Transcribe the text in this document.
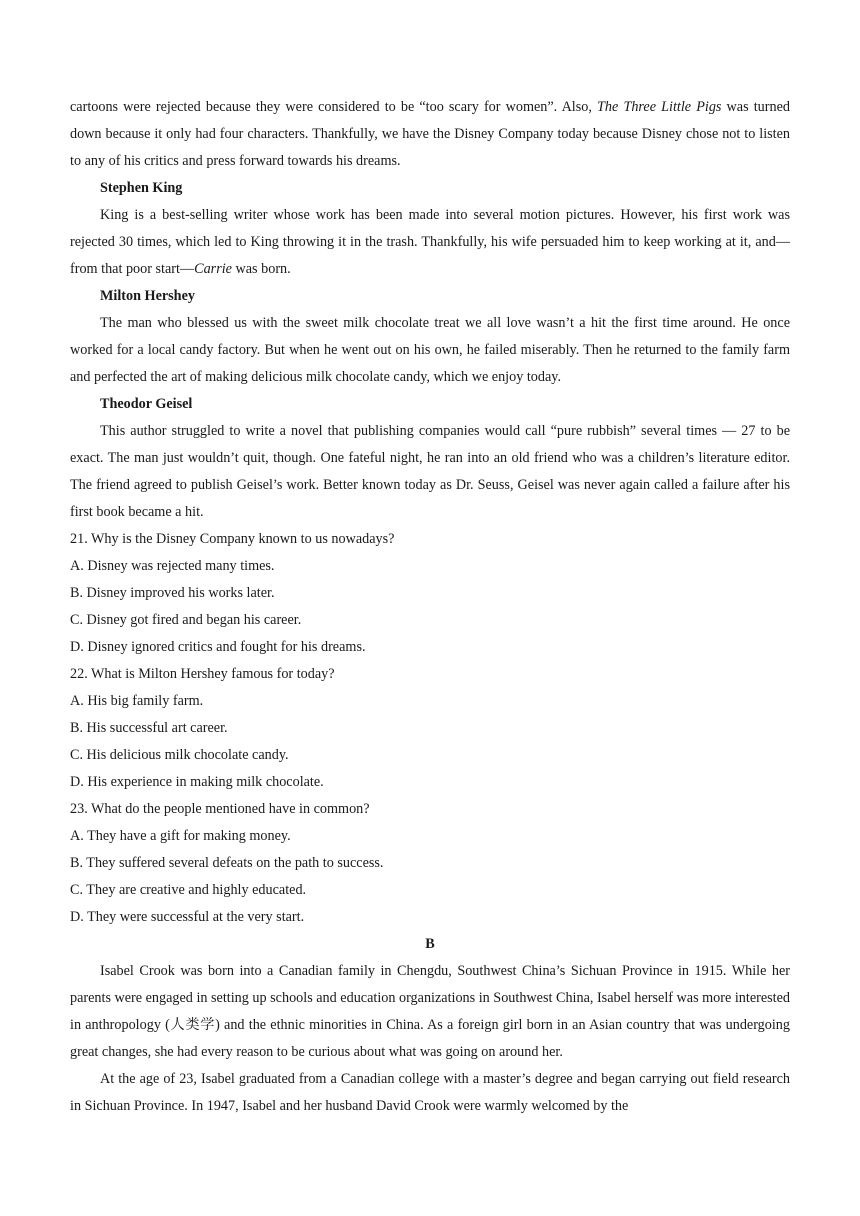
cartoons were rejected because they were considered to be “too scary for women”. Also, The Three Little Pigs was turned down because it only had four characters. Thankfully, we have the Disney Company today because Disney chose not to listen to any of his critics and press forward towards his dreams.

Stephen King

King is a best-selling writer whose work has been made into several motion pictures. However, his first work was rejected 30 times, which led to King throwing it in the trash. Thankfully, his wife persuaded him to keep working at it, and—from that poor start—Carrie was born.

Milton Hershey

The man who blessed us with the sweet milk chocolate treat we all love wasn’t a hit the first time around. He once worked for a local candy factory. But when he went out on his own, he failed miserably. Then he returned to the family farm and perfected the art of making delicious milk chocolate candy, which we enjoy today.

Theodor Geisel

This author struggled to write a novel that publishing companies would call “pure rubbish” several times — 27 to be exact. The man just wouldn’t quit, though. One fateful night, he ran into an old friend who was a children’s literature editor. The friend agreed to publish Geisel’s work. Better known today as Dr. Seuss, Geisel was never again called a failure after his first book became a hit.

21. Why is the Disney Company known to us nowadays?

A. Disney was rejected many times.

B. Disney improved his works later.

C. Disney got fired and began his career.

D. Disney ignored critics and fought for his dreams.

22. What is Milton Hershey famous for today?

A. His big family farm.

B. His successful art career.

C. His delicious milk chocolate candy.

D. His experience in making milk chocolate.

23. What do the people mentioned have in common?

A. They have a gift for making money.

B. They suffered several defeats on the path to success.

C. They are creative and highly educated.

D. They were successful at the very start.

B

Isabel Crook was born into a Canadian family in Chengdu, Southwest China’s Sichuan Province in 1915. While her parents were engaged in setting up schools and education organizations in Southwest China, Isabel herself was more interested in anthropology (人类学) and the ethnic minorities in China. As a foreign girl born in an Asian country that was undergoing great changes, she had every reason to be curious about what was going on around her.

At the age of 23, Isabel graduated from a Canadian college with a master’s degree and began carrying out field research in Sichuan Province. In 1947, Isabel and her husband David Crook were warmly welcomed by the
